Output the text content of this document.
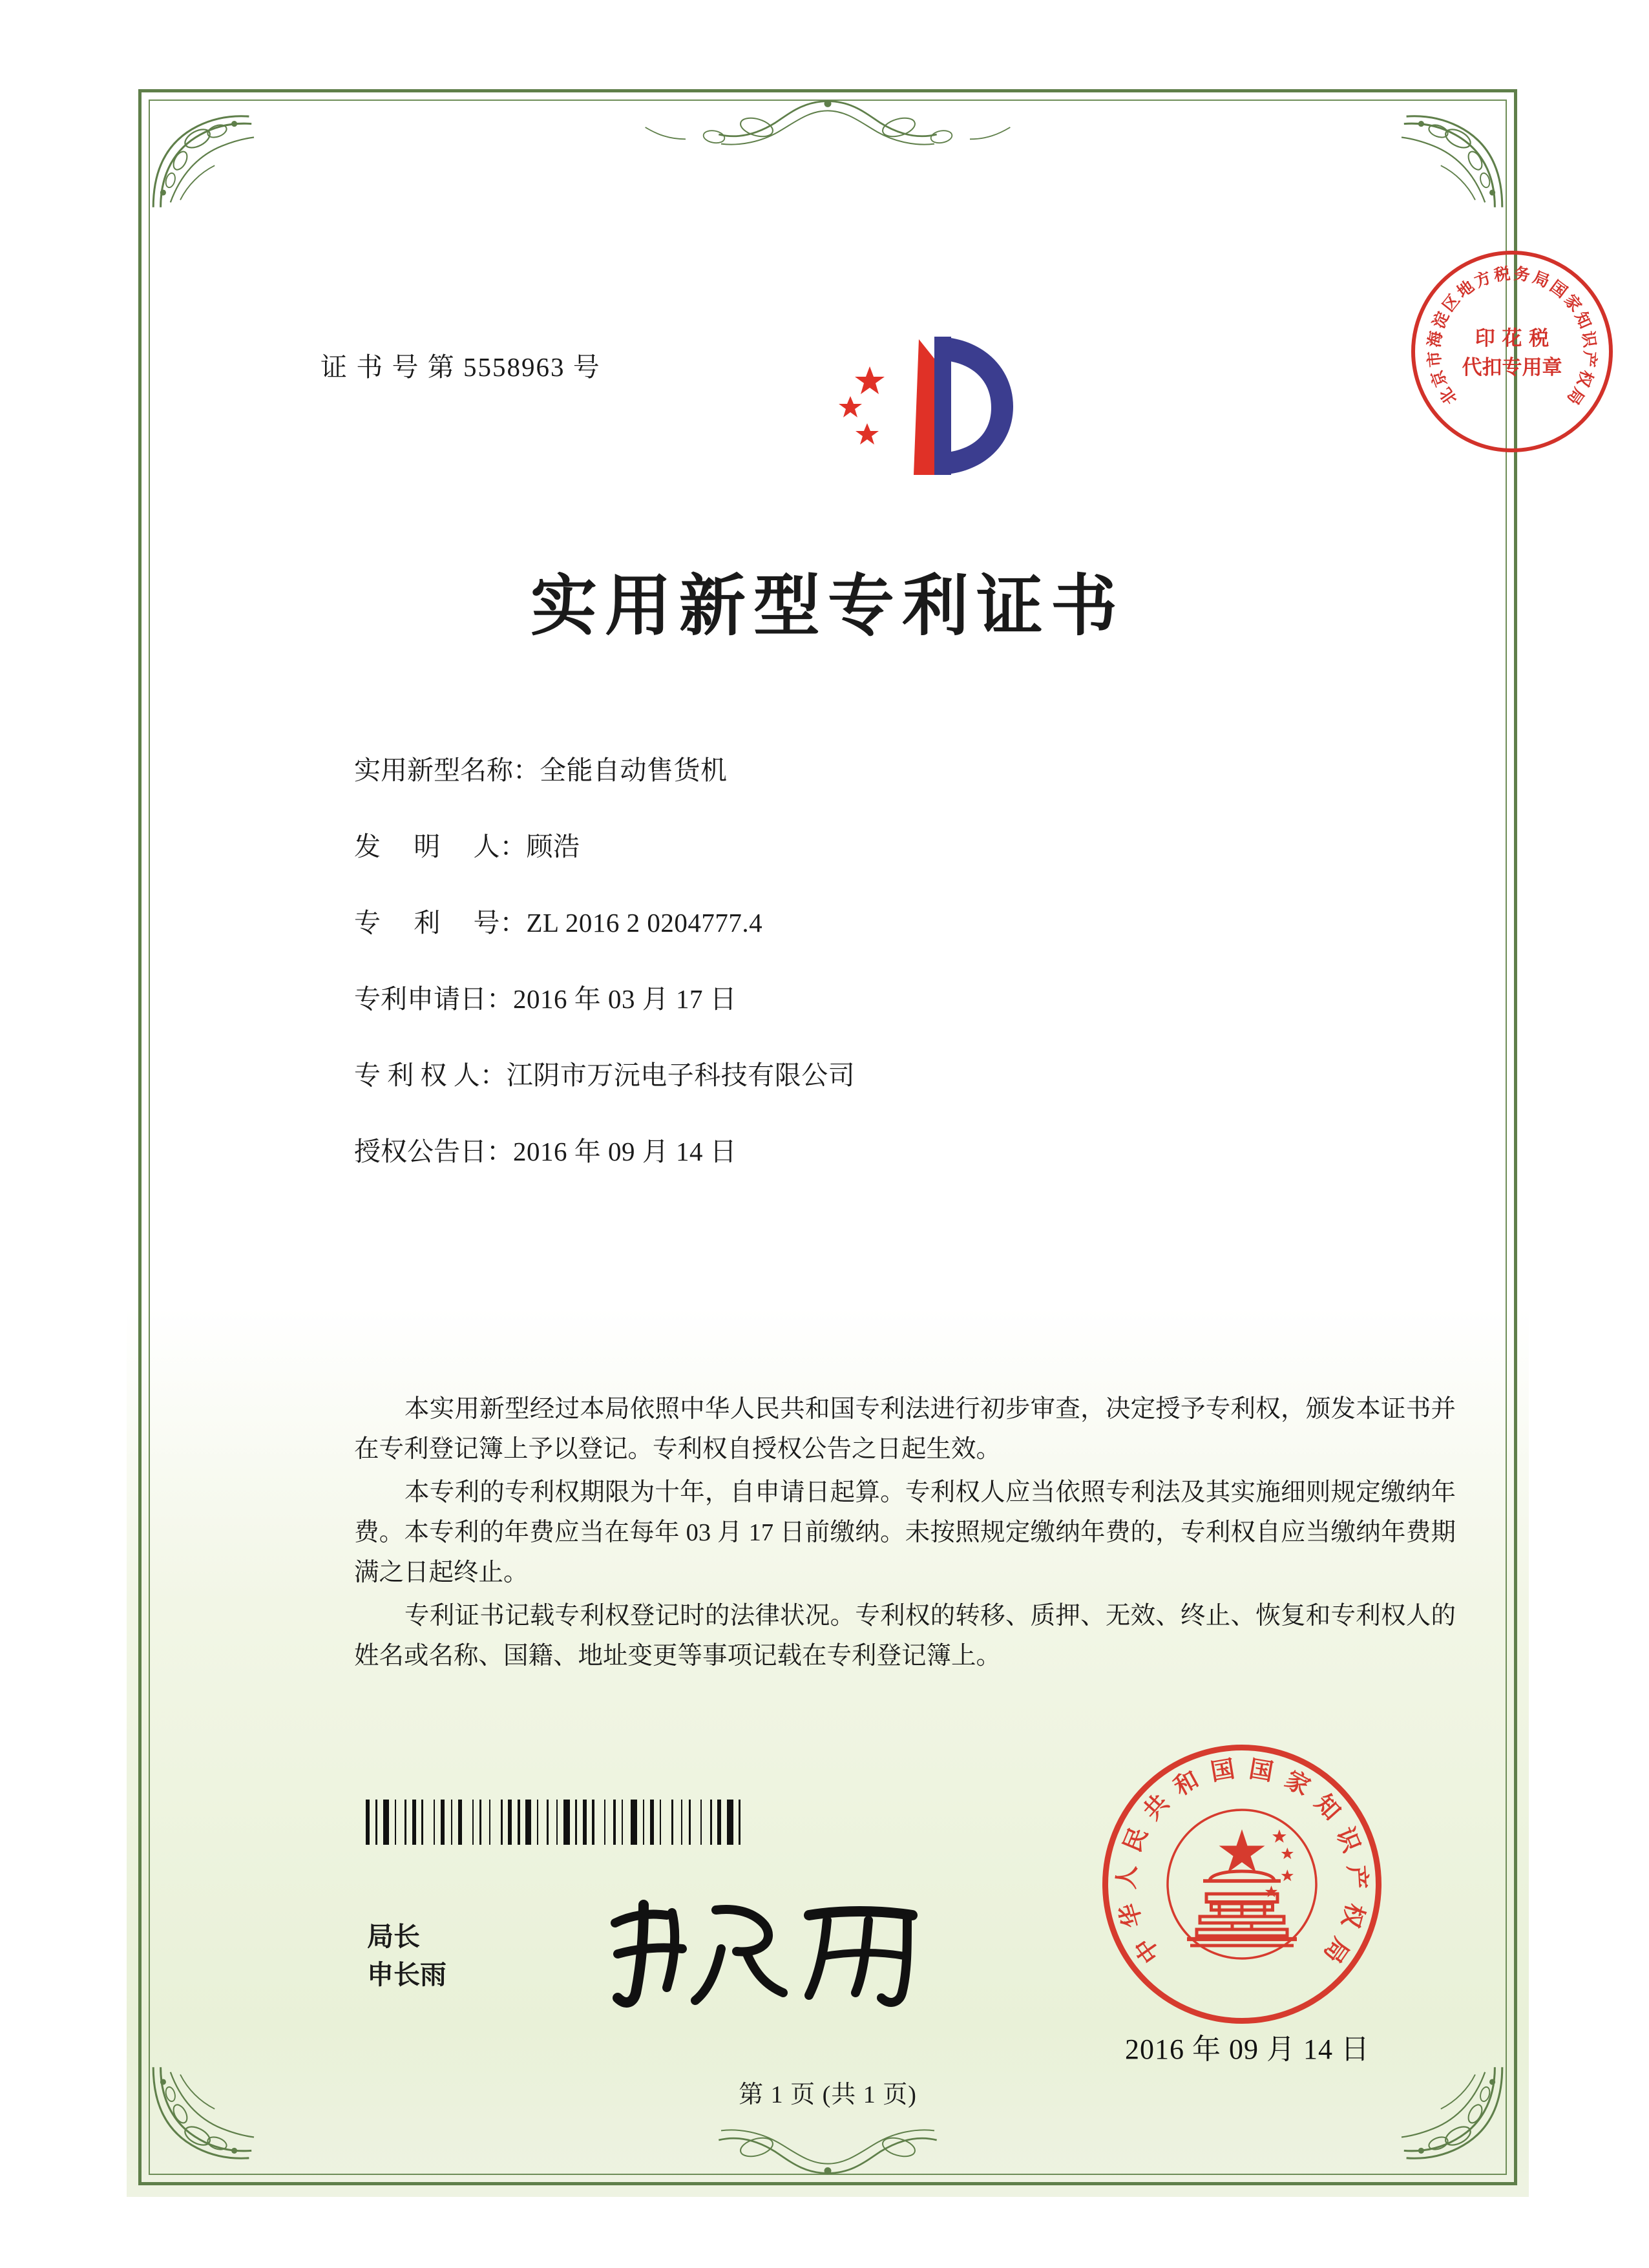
证 书 号 第 5558963 号
北
京
市
海
淀
区
地
方
税 务
局
国
家
知
识
产
权
局
印 花 税
代扣专用章
实用新型专利证书
实用新型名称：全能自动售货机
发　 明　 人：顾浩
专　 利　 号：ZL 2016 2 0204777.4
专利申请日：2016 年 03 月 17 日
专 利 权 人：江阴市万沅电子科技有限公司
授权公告日：2016 年 09 月 14 日

本实用新型经过本局依照中华人民共和国专利法进行初步审查，决定授予专利权，颁发本证书并在专利登记簿上予以登记。专利权自授权公告之日起生效。

本专利的专利权期限为十年，自申请日起算。专利权人应当依照专利法及其实施细则规定缴纳年费。本专利的年费应当在每年 03 月 17 日前缴纳。未按照规定缴纳年费的，专利权自应当缴纳年费期满之日起终止。

专利证书记载专利权登记时的法律状况。专利权的转移、质押、无效、终止、恢复和专利权人的姓名或名称、国籍、地址变更等事项记载在专利登记簿上。

局长
申长雨
中
华
人
民
共
和 国 国 家
知
识
产
权
局
2016 年 09 月 14 日
第 1 页 (共 1 页)
